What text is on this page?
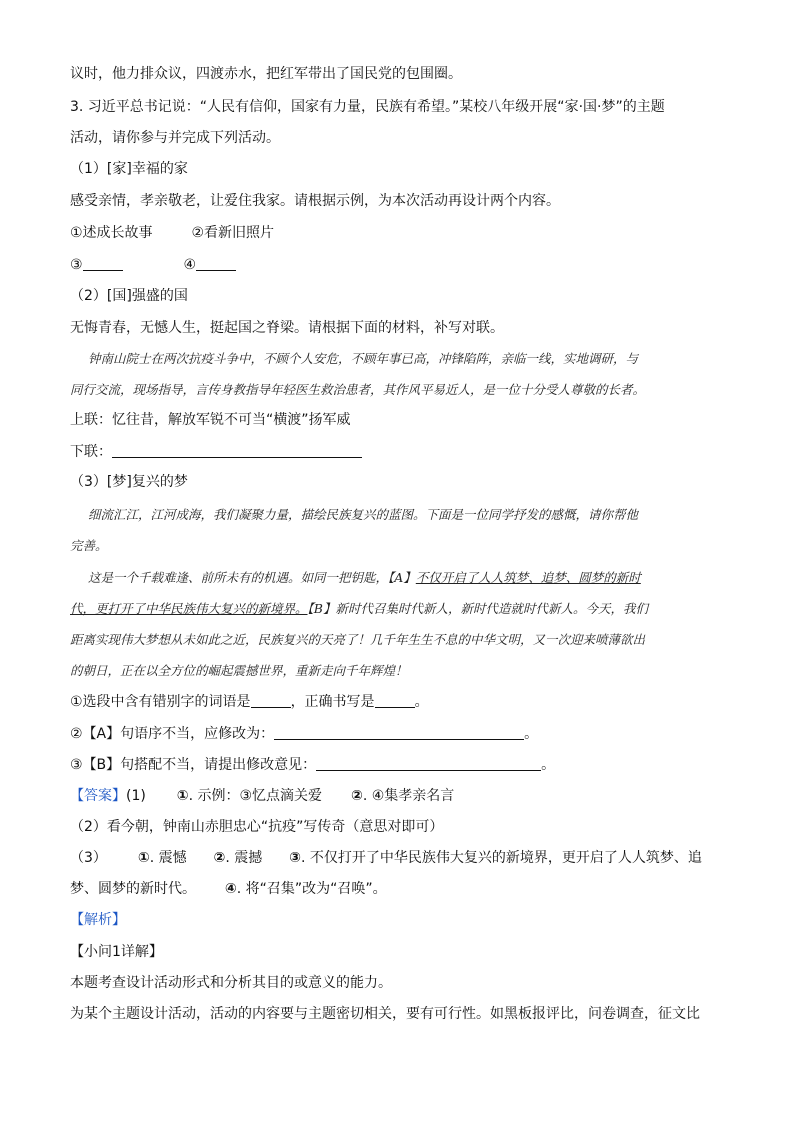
议时，他力排众议，四渡赤水，把红军带出了国民党的包围圈。
3. 习近平总书记说：“人民有信仰，国家有力量，民族有希望。”某校八年级开展“家·国·梦”的主题
活动，请你参与并完成下列活动。
（1）[家]幸福的家
感受亲情，孝亲敬老，让爱住我家。请根据示例，为本次活动再设计两个内容。
①述成长故事	②看新旧照片
③	④
（2）[国]强盛的国
无悔青春，无憾人生，挺起国之脊梁。请根据下面的材料，补写对联。
钟南山院士在两次抗疫斗争中，不顾个人安危，不顾年事已高，冲锋陷阵，亲临一线，实地调研，与
同行交流，现场指导，言传身教指导年轻医生救治患者，其作风平易近人，是一位十分受人尊敬的长者。
上联：忆往昔，解放军锐不可当“横渡”扬军威
下联：
（3）[梦]复兴的梦
细流汇江，江河成海，我们凝聚力量，描绘民族复兴的蓝图。下面是一位同学抒发的感慨，请你帮他
完善。
这是一个千载难逢、前所未有的机遇。如同一把钥匙，【A】不仅开启了人人筑梦、追梦、圆梦的新时
代，更打开了中华民族伟大复兴的新境界。【B】新时代召集时代新人，新时代造就时代新人。今天，我们
距离实现伟大梦想从未如此之近，民族复兴的天亮了！几千年生生不息的中华文明，又一次迎来喷薄欲出
的朝日，正在以全方位的崛起震撼世界，重新走向千年辉煌！
①选段中含有错别字的词语是	，正确书写是	。
②【A】句语序不当，应修改为：	。
③【B】句搭配不当，请提出修改意见：	。
【答案】(1) ①. 示例：③忆点滴关爱 ②. ④集孝亲名言
（2）看今朝，钟南山赤胆忠心“抗疫”写传奇（意思对即可）
（3） ①. 震憾 ②. 震撼 ③. 不仅打开了中华民族伟大复兴的新境界，更开启了人人筑梦、追
梦、圆梦的新时代。 ④. 将“召集”改为“召唤”。
【解析】
【小问1详解】
本题考查设计活动形式和分析其目的或意义的能力。
为某个主题设计活动，活动的内容要与主题密切相关，要有可行性。如黑板报评比，问卷调查，征文比
